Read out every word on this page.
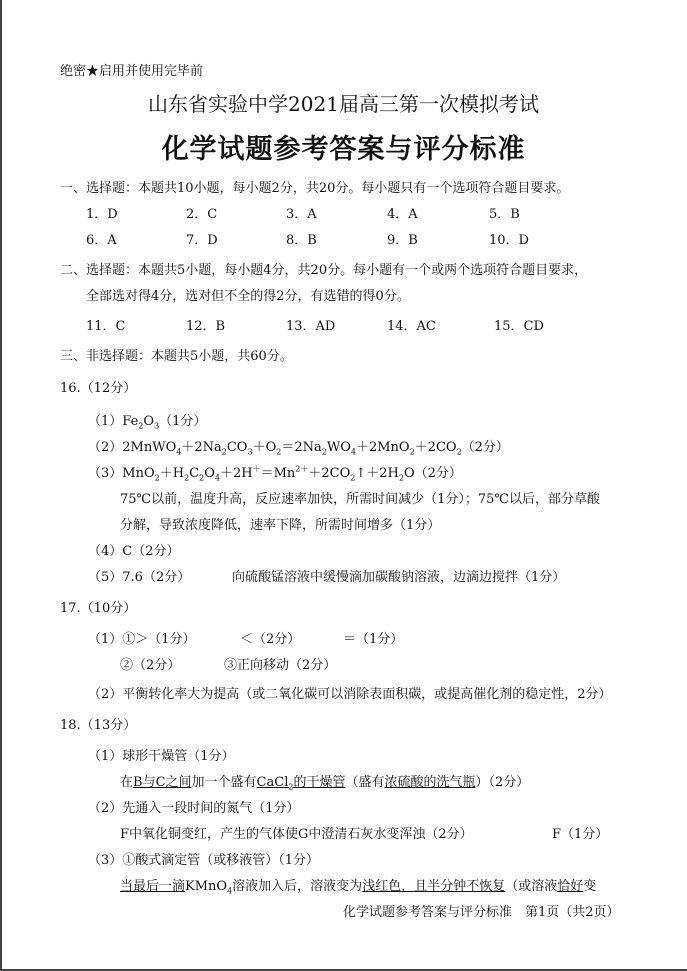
绝密★启用并使用完毕前
山东省实验中学2021届高三第一次模拟考试
化学试题参考答案与评分标准
一、选择题：本题共10小题，每小题2分，共20分。每小题只有一个选项符合题目要求。
1．D	2．C	3．A	4．A	5．B
6．A	7．D	8．B	9．B	10．D
二、选择题：本题共5小题，每小题4分，共20分。每小题有一个或两个选项符合题目要求，
全部选对得4分，选对但不全的得2分，有选错的得0分。
11．C	12．B	13．AD	14．AC	15．CD
三、非选择题：本题共5小题，共60分。
16.（12分）
$(1)Fe_2O_3(1$分）
$(2)2MnWO_4+2Na_2CO_3+O_2=2Na_2WO_4+2MnO_2+2CO_2(2$分）
$(3)MnO_2+H_2C_2O_4+2H^+=Mn^{2+}+2CO_2↑+2H_2O(2$分）
75℃以前，温度升高，反应速率加快，所需时间减少（1分）；75℃以后，部分草酸
分解，导致浓度降低，速率下降，所需时间增多（1分）
（4）C（2分）
（5）7.6（2分）	向硫酸锰溶液中缓慢滴加碳酸钠溶液，边滴边搅拌（1分）
17.（10分）
（1）①＞（1分）	＜（2分）	＝（1分）
②（2分）	③正向移动（2分）
（2）平衡转化率大为提高（或二氧化碳可以消除表面积碳，或提高催化剂的稳定性，2分）
18.（13分）
（1）球形干燥管（1分）
在B与C之间加一个盛有CaCl$_2$的干燥管（盛有浓硫酸的洗气瓶）（2分）
（2）先通入一段时间的氮气（1分）
F中氧化铜变红，产生的气体使G中澄清石灰水变浑浊（2分）	F（1分）
（3）①酸式滴定管（或移液管）（1分）
当最后一滴KMnO$_4$溶液加入后，溶液变为浅红色，且半分钟不恢复（或溶液恰好变
化学试题参考答案与评分标准　第1页（共2页）
